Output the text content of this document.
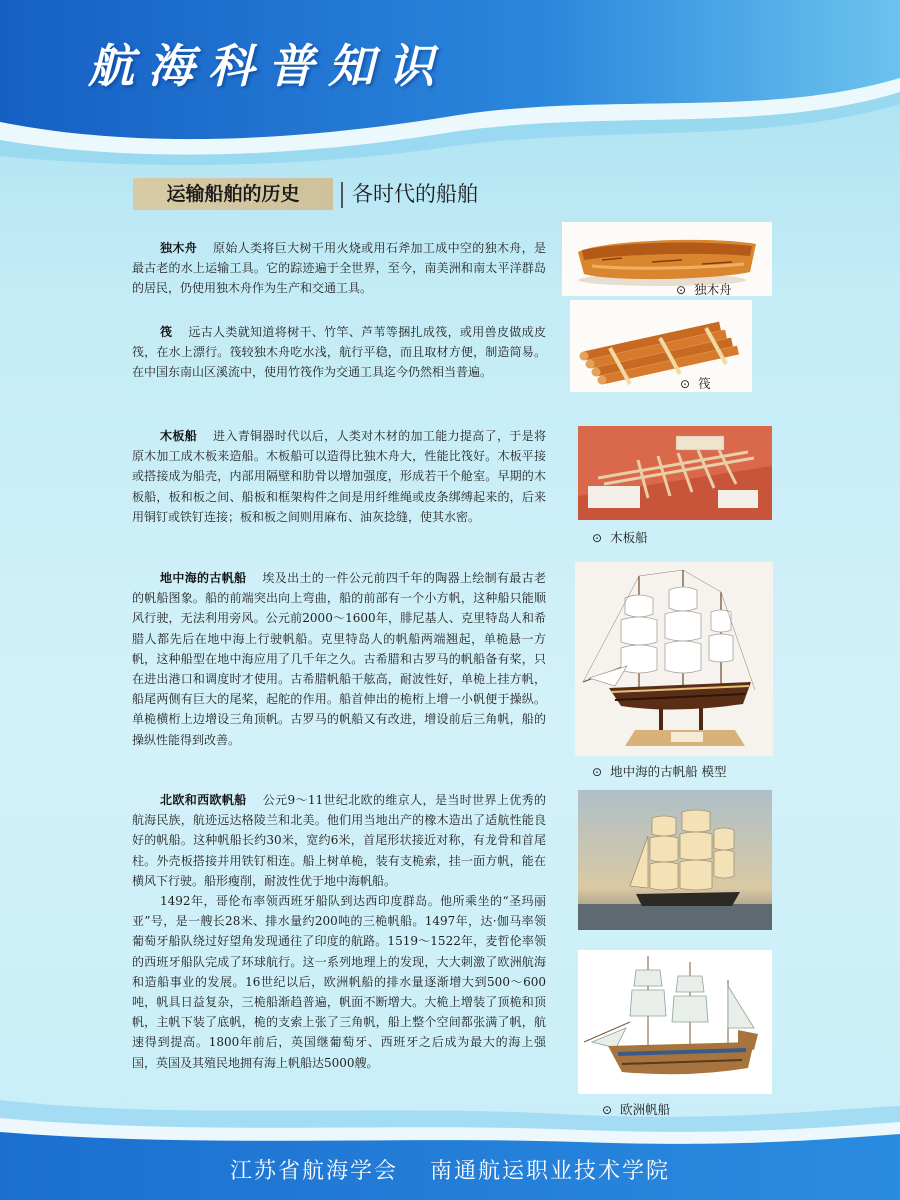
航海科普知识
运输船舶的历史	各时代的船舶

独木舟 原始人类将巨大树干用火烧或用石斧加工成中空的独木舟，是最古老的水上运输工具。它的踪迹遍于全世界，至今，南美洲和南太平洋群岛的居民，仍使用独木舟作为生产和交通工具。

筏 远古人类就知道将树干、竹竿、芦苇等捆扎成筏，或用兽皮做成皮筏，在水上漂行。筏较独木舟吃水浅，航行平稳，而且取材方便，制造简易。在中国东南山区溪流中，使用竹筏作为交通工具迄今仍然相当普遍。

木板船 进入青铜器时代以后，人类对木材的加工能力提高了，于是将原木加工成木板来造船。木板船可以造得比独木舟大，性能比筏好。木板平接或搭接成为船壳，内部用隔壁和肋骨以增加强度，形成若干个舱室。早期的木板船，板和板之间、船板和框架构件之间是用纤维绳或皮条绑缚起来的，后来用铜钉或铁钉连接；板和板之间则用麻布、油灰捻缝，使其水密。

地中海的古帆船 埃及出土的一件公元前四千年的陶器上绘制有最古老的帆船图象。船的前端突出向上弯曲，船的前部有一个小方帆，这种船只能顺风行驶，无法利用旁风。公元前2000～1600年，腓尼基人、克里特岛人和希腊人都先后在地中海上行驶帆船。克里特岛人的帆船两端翘起，单桅悬一方帆，这种船型在地中海应用了几千年之久。古希腊和古罗马的帆船备有桨，只在进出港口和调度时才使用。古希腊帆船干舷高，耐波性好，单桅上挂方帆，船尾两侧有巨大的尾桨，起舵的作用。船首伸出的桅桁上增一小帆便于操纵。单桅横桁上边增设三角顶帆。古罗马的帆船又有改进，增设前后三角帆，船的操纵性能得到改善。

北欧和西欧帆船 公元9～11世纪北欧的维京人，是当时世界上优秀的航海民族，航迹远达格陵兰和北美。他们用当地出产的橡木造出了适航性能良好的帆船。这种帆船长约30米，宽约6米，首尾形状接近对称，有龙骨和首尾柱。外壳板搭接并用铁钉相连。船上树单桅，装有支桅索，挂一面方帆，能在横风下行驶。船形瘦削，耐波性优于地中海帆船。
1492年，哥伦布率领西班牙船队到达西印度群岛。他所乘坐的“圣玛丽亚”号，是一艘长28米、排水量约200吨的三桅帆船。1497年，达·伽马率领葡萄牙船队绕过好望角发现通往了印度的航路。1519～1522年，麦哲伦率领的西班牙船队完成了环球航行。这一系列地理上的发现，大大刺激了欧洲航海和造船事业的发展。16世纪以后，欧洲帆船的排水量逐渐增大到500～600吨，帆具日益复杂，三桅船渐趋普遍，帆面不断增大。大桅上增装了顶桅和顶帆，主帆下装了底帆，桅的支索上张了三角帆，船上整个空间都张满了帆，航速得到提高。1800年前后，英国继葡萄牙、西班牙之后成为最大的海上强国，英国及其殖民地拥有海上帆船达5000艘。

⊙ 独木舟
⊙ 筏
⊙ 木板船
⊙ 地中海的古帆船 模型
⊙ 欧洲帆船
江苏省航海学会 南通航运职业技术学院
